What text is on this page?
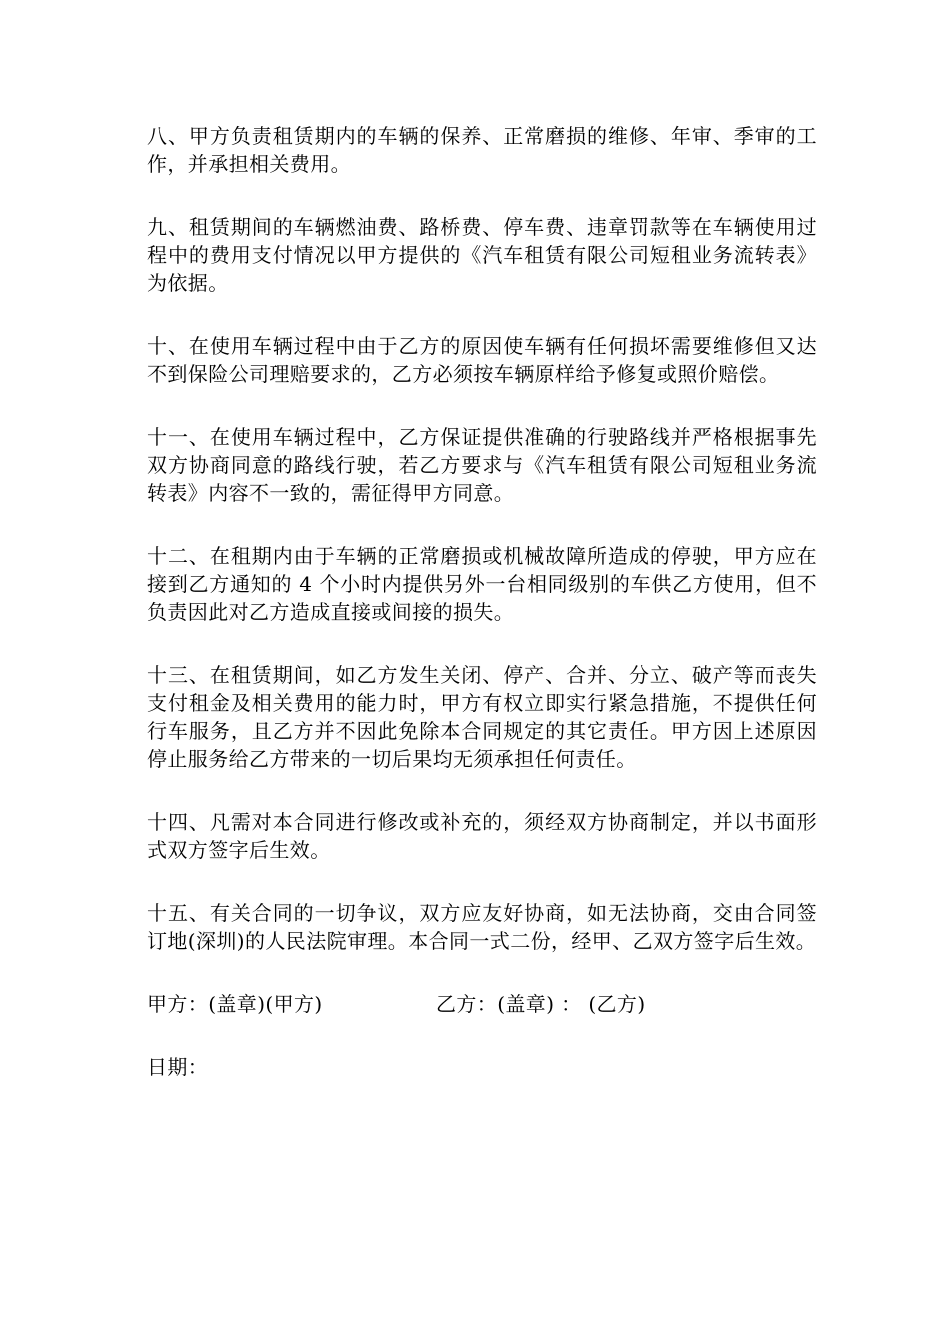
八、甲方负责租赁期内的车辆的保养、正常磨损的维修、年审、季审的工作，并承担相关费用。

九、租赁期间的车辆燃油费、路桥费、停车费、违章罚款等在车辆使用过程中的费用支付情况以甲方提供的《汽车租赁有限公司短租业务流转表》为依据。

十、在使用车辆过程中由于乙方的原因使车辆有任何损坏需要维修但又达不到保险公司理赔要求的，乙方必须按车辆原样给予修复或照价赔偿。

十一、在使用车辆过程中，乙方保证提供准确的行驶路线并严格根据事先双方协商同意的路线行驶，若乙方要求与《汽车租赁有限公司短租业务流转表》内容不一致的，需征得甲方同意。

十二、在租期内由于车辆的正常磨损或机械故障所造成的停驶，甲方应在接到乙方通知的 4 个小时内提供另外一台相同级别的车供乙方使用，但不负责因此对乙方造成直接或间接的损失。

十三、在租赁期间，如乙方发生关闭、停产、合并、分立、破产等而丧失支付租金及相关费用的能力时，甲方有权立即实行紧急措施，不提供任何行车服务，且乙方并不因此免除本合同规定的其它责任。甲方因上述原因停止服务给乙方带来的一切后果均无须承担任何责任。

十四、凡需对本合同进行修改或补充的，须经双方协商制定，并以书面形式双方签字后生效。

十五、有关合同的一切争议，双方应友好协商，如无法协商，交由合同签订地(深圳)的人民法院审理。本合同一式二份，经甲、乙双方签字后生效。

甲方：(盖章)(甲方)	乙方：(盖章) ： (乙方)
日期：
